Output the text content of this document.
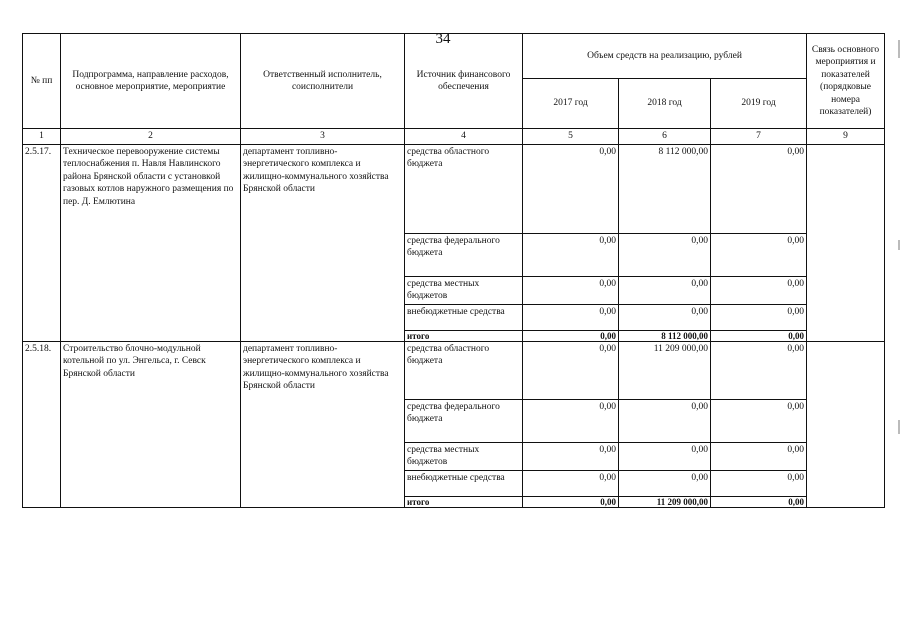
34
№ пп	Подпрограмма, направление расходов, основное мероприятие, мероприятие	Ответственный исполнитель, соисполнители	Источник финансового обеспечения	Объем средств на реализацию, рублей			Связь основного мероприятия и показателей (порядковые номера показателей)
				2017 год	2018 год	2019 год	
1	2	3	4	5	6	7	9
2.5.17.	Техническое перевооружение системы теплоснабжения п. Навля Навлинского района Брянской области с установкой газовых котлов наружного размещения по пер. Д. Емлютина	департамент топливно-энергетического комплекса и жилищно-коммунального хозяйства Брянской области	средства областного бюджета	0,00	8 112 000,00	0,00	
			средства федерального бюджета	0,00	0,00	0,00	
			средства местных бюджетов	0,00	0,00	0,00	
			внебюджетные средства	0,00	0,00	0,00	
			итого	0,00	8 112 000,00	0,00	
2.5.18.	Строительство блочно-модульной котельной по ул. Энгельса, г. Севск Брянской области	департамент топливно-энергетического комплекса и жилищно-коммунального хозяйства Брянской области	средства областного бюджета	0,00	11 209 000,00	0,00	
			средства федерального бюджета	0,00	0,00	0,00	
			средства местных бюджетов	0,00	0,00	0,00	
			внебюджетные средства	0,00	0,00	0,00	
			итого	0,00	11 209 000,00	0,00	
